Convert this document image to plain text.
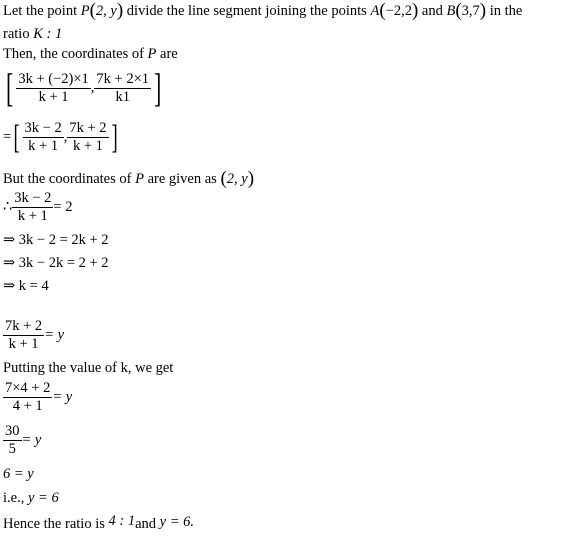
Let the point P(2, y) divide the line segment joining the points A(−2,2) and B(3,7) in the
ratio K : 1
Then, the coordinates of P are
[ $\frac{3k + (-2)\times 1}{k + 1}$ , $\frac{7k + 2\times 1}{k1}$ ]
=[ $\frac{3k - 2}{k + 1}$ , $\frac{7k + 2}{k + 1}$ ]
But the coordinates of P are given as (2, y)
∴ $\frac{3k - 2}{k + 1} = 2$
⇒ 3k − 2 = 2k + 2
⇒ 3k − 2k = 2 + 2
⇒ k = 4
$\frac{7k + 2}{k + 1} = y$
Putting the value of k, we get
$\frac{7\times 4 + 2}{4 + 1} = y$
$\frac{30}{5} = y$
6 = y
i.e., y = 6
Hence the ratio is 4 : 1and y = 6.
